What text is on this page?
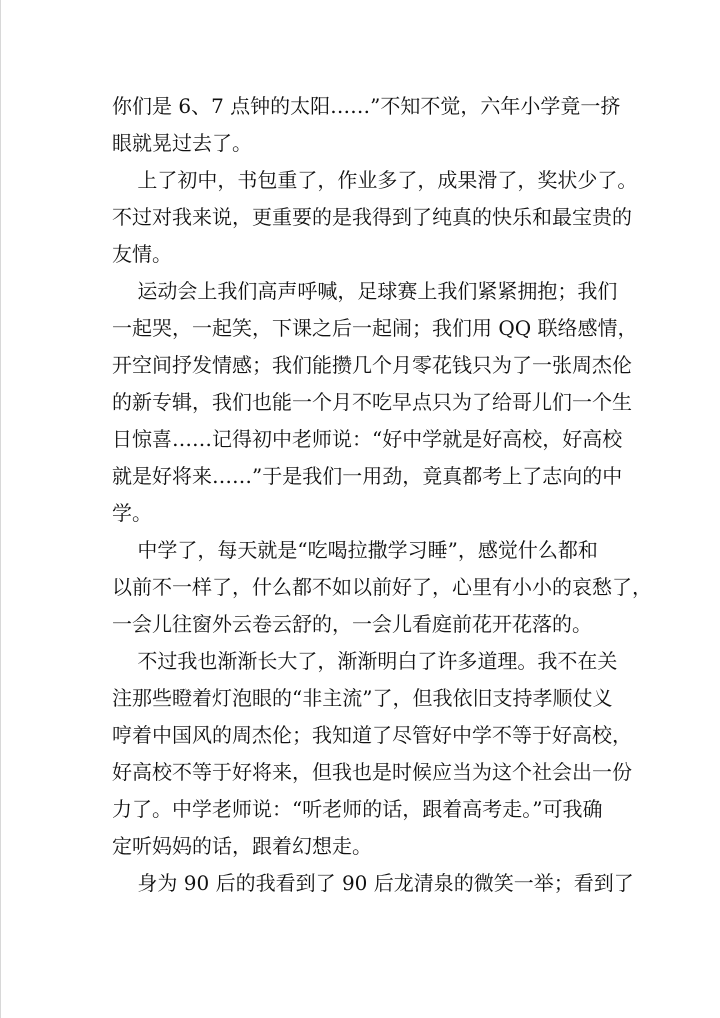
你们是 6、7 点钟的太阳……”不知不觉，六年小学竟一挤
眼就晃过去了。

上了初中，书包重了，作业多了，成果滑了，奖状少了。
不过对我来说，更重要的是我得到了纯真的快乐和最宝贵的
友情。

运动会上我们高声呼喊，足球赛上我们紧紧拥抱；我们
一起哭，一起笑，下课之后一起闹；我们用 QQ 联络感情，
开空间抒发情感；我们能攒几个月零花钱只为了一张周杰伦
的新专辑，我们也能一个月不吃早点只为了给哥儿们一个生
日惊喜……记得初中老师说：“好中学就是好高校，好高校
就是好将来……”于是我们一用劲，竟真都考上了志向的中
学。

中学了，每天就是“吃喝拉撒学习睡”，感觉什么都和
以前不一样了，什么都不如以前好了，心里有小小的哀愁了，
一会儿往窗外云卷云舒的，一会儿看庭前花开花落的。

不过我也渐渐长大了，渐渐明白了许多道理。我不在关
注那些瞪着灯泡眼的“非主流”了，但我依旧支持孝顺仗义
哼着中国风的周杰伦；我知道了尽管好中学不等于好高校，
好高校不等于好将来，但我也是时候应当为这个社会出一份
力了。中学老师说：“听老师的话，跟着高考走。”可我确
定听妈妈的话，跟着幻想走。

身为 90 后的我看到了 90 后龙清泉的微笑一举；看到了
